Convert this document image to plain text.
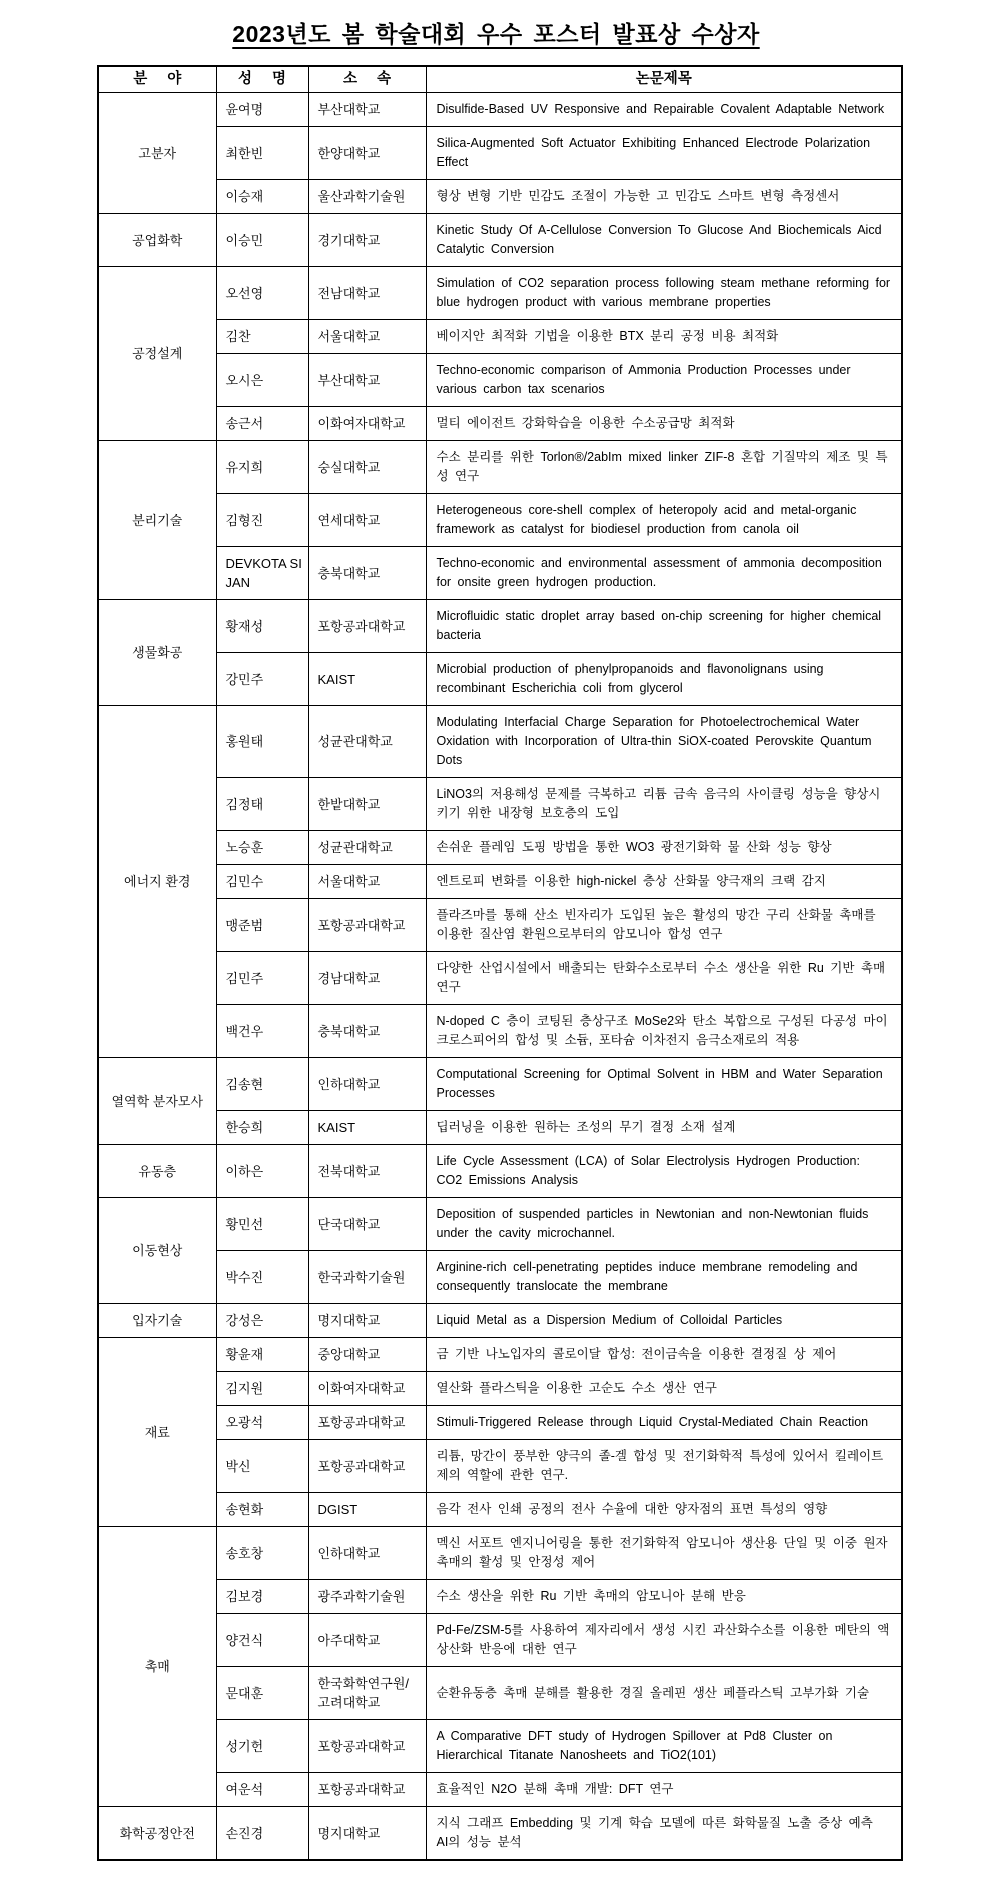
2023년도 봄 학술대회 우수 포스터 발표상 수상자
분 야	성 명	소 속	논문제목
고분자	윤여명	부산대학교	Disulfide-Based UV Responsive and Repairable Covalent Adaptable Network
	최한빈	한양대학교	Silica-Augmented Soft Actuator Exhibiting Enhanced Electrode Polarization Effect
	이승재	울산과학기술원	형상 변형 기반 민감도 조절이 가능한 고 민감도 스마트 변형 측정센서
공업화학	이승민	경기대학교	Kinetic Study Of A-Cellulose Conversion To Glucose And Biochemicals Aicd Catalytic Conversion
공정설계	오선영	전남대학교	Simulation of CO2 separation process following steam methane reforming for blue hydrogen product with various membrane properties
	김찬	서울대학교	베이지안 최적화 기법을 이용한 BTX 분리 공정 비용 최적화
	오시은	부산대학교	Techno-economic comparison of Ammonia Production Processes under various carbon tax scenarios
	송근서	이화여자대학교	멀티 에이전트 강화학습을 이용한 수소공급망 최적화
분리기술	유지희	숭실대학교	수소 분리를 위한 Torlon®/2abIm mixed linker ZIF-8 혼합 기질막의 제조 및 특성 연구
	김형진	연세대학교	Heterogeneous core-shell complex of heteropoly acid and metal-organic framework as catalyst for biodiesel production from canola oil
	DEVKOTA SIJAN	충북대학교	Techno-economic and environmental assessment of ammonia decomposition for onsite green hydrogen production.
생물화공	황재성	포항공과대학교	Microfluidic static droplet array based on-chip screening for higher chemical bacteria
	강민주	KAIST	Microbial production of phenylpropanoids and flavonolignans using recombinant Escherichia coli from glycerol
에너지 환경	홍원태	성균관대학교	Modulating Interfacial Charge Separation for Photoelectrochemical Water Oxidation with Incorporation of Ultra-thin SiOX-coated Perovskite Quantum Dots
	김정태	한밭대학교	LiNO3의 저용해성 문제를 극복하고 리튬 금속 음극의 사이클링 성능을 향상시키기 위한 내장형 보호층의 도입
	노승훈	성균관대학교	손쉬운 플레임 도핑 방법을 통한 WO3 광전기화학 물 산화 성능 향상
	김민수	서울대학교	엔트로피 변화를 이용한 high-nickel 층상 산화물 양극재의 크랙 감지
	맹준범	포항공과대학교	플라즈마를 통해 산소 빈자리가 도입된 높은 활성의 망간 구리 산화물 촉매를 이용한 질산염 환원으로부터의 암모니아 합성 연구
	김민주	경남대학교	다양한 산업시설에서 배출되는 탄화수소로부터 수소 생산을 위한 Ru 기반 촉매 연구
	백건우	충북대학교	N-doped C 층이 코팅된 층상구조 MoSe2와 탄소 복합으로 구성된 다공성 마이크로스피어의 합성 및 소듐, 포타슘 이차전지 음극소재로의 적용
열역학 분자모사	김송현	인하대학교	Computational Screening for Optimal Solvent in HBM and Water Separation Processes
	한승희	KAIST	딥러닝을 이용한 원하는 조성의 무기 결정 소재 설계
유동층	이하은	전북대학교	Life Cycle Assessment (LCA) of Solar Electrolysis Hydrogen Production: CO2 Emissions Analysis
이동현상	황민선	단국대학교	Deposition of suspended particles in Newtonian and non-Newtonian fluids under the cavity microchannel.
	박수진	한국과학기술원	Arginine-rich cell-penetrating peptides induce membrane remodeling and consequently translocate the membrane
입자기술	강성은	명지대학교	Liquid Metal as a Dispersion Medium of Colloidal Particles
재료	황윤재	중앙대학교	금 기반 나노입자의 콜로이달 합성: 전이금속을 이용한 결정질 상 제어
	김지원	이화여자대학교	열산화 플라스틱을 이용한 고순도 수소 생산 연구
	오광석	포항공과대학교	Stimuli-Triggered Release through Liquid Crystal-Mediated Chain Reaction
	박신	포항공과대학교	리튬, 망간이 풍부한 양극의 졸-겔 합성 및 전기화학적 특성에 있어서 킬레이트제의 역할에 관한 연구.
	송현화	DGIST	음각 전사 인쇄 공정의 전사 수율에 대한 양자점의 표면 특성의 영향
촉매	송호창	인하대학교	멕신 서포트 엔지니어링을 통한 전기화학적 암모니아 생산용 단일 및 이중 원자 촉매의 활성 및 안정성 제어
	김보경	광주과학기술원	수소 생산을 위한 Ru 기반 촉매의 암모니아 분해 반응
	양건식	아주대학교	Pd-Fe/ZSM-5를 사용하여 제자리에서 생성 시킨 과산화수소를 이용한 메탄의 액상산화 반응에 대한 연구
	문대훈	한국화학연구원/고려대학교	순환유동층 촉매 분해를 활용한 경질 올레핀 생산 페플라스틱 고부가화 기술
	성기헌	포항공과대학교	A Comparative DFT study of Hydrogen Spillover at Pd8 Cluster on Hierarchical Titanate Nanosheets and TiO2(101)
	여운석	포항공과대학교	효율적인 N2O 분해 촉매 개발: DFT 연구
화학공정안전	손진경	명지대학교	지식 그래프 Embedding 및 기계 학습 모델에 따른 화학물질 노출 증상 예측 AI의 성능 분석
